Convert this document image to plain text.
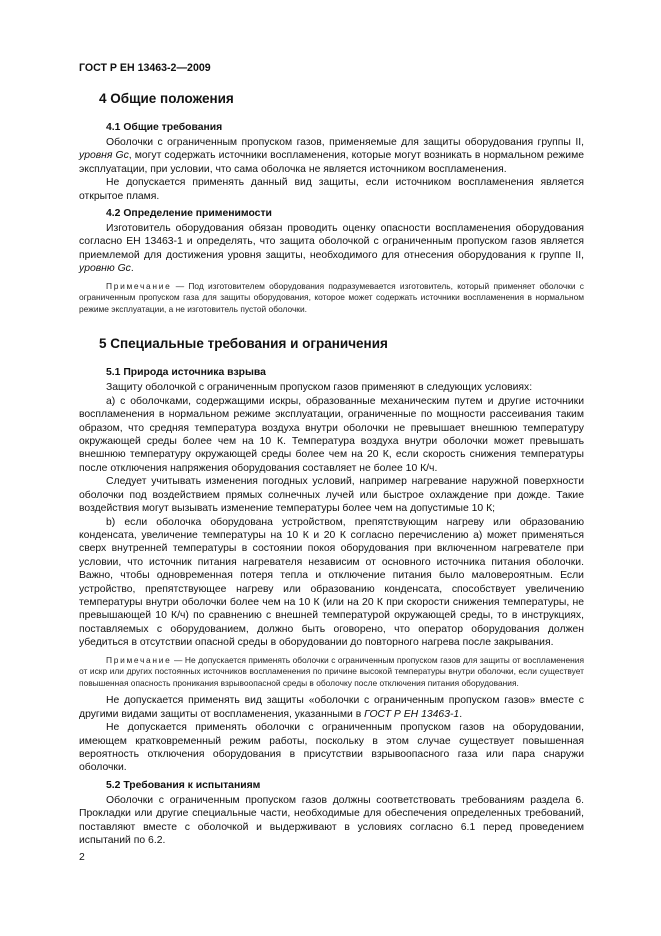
ГОСТ Р ЕН 13463-2—2009
4 Общие положения
4.1 Общие требования

Оболочки с ограниченным пропуском газов, применяемые для защиты оборудования группы II, уровня Gc, могут содержать источники воспламенения, которые могут возникать в нормальном режиме эксплуатации, при условии, что сама оболочка не является источником воспламенения.

Не допускается применять данный вид защиты, если источником воспламенения является открытое пламя.

4.2 Определение применимости

Изготовитель оборудования обязан проводить оценку опасности воспламенения оборудования согласно ЕН 13463-1 и определять, что защита оболочкой с ограниченным пропуском газов является приемлемой для достижения уровня защиты, необходимого для отнесения оборудования к группе II, уровню Gc.

Примечание — Под изготовителем оборудования подразумевается изготовитель, который применяет оболочки с ограниченным пропуском газа для защиты оборудования, которое может содержать источники воспламенения в нормальном режиме эксплуатации, а не изготовитель пустой оболочки.
5 Специальные требования и ограничения
5.1 Природа источника взрыва

Защиту оболочкой с ограниченным пропуском газов применяют в следующих условиях:

a) с оболочками, содержащими искры, образованные механическим путем и другие источники воспламенения в нормальном режиме эксплуатации, ограниченные по мощности рассеивания таким образом, что средняя температура воздуха внутри оболочки не превышает внешнюю температуру окружающей среды более чем на 10 К. Температура воздуха внутри оболочки может превышать внешнюю температуру окружающей среды более чем на 20 К, если скорость снижения температуры после отключения напряжения оборудования составляет не более 10 К/ч.

Следует учитывать изменения погодных условий, например нагревание наружной поверхности оболочки под воздействием прямых солнечных лучей или быстрое охлаждение при дожде. Такие воздействия могут вызывать изменение температуры более чем на допустимые 10 К;

b) если оболочка оборудована устройством, препятствующим нагреву или образованию конденсата, увеличение температуры на 10 К и 20 К согласно перечислению a) может применяться сверх внутренней температуры в состоянии покоя оборудования при включенном нагревателе при условии, что источник питания нагревателя независим от основного источника питания оболочки. Важно, чтобы одновременная потеря тепла и отключение питания было маловероятным. Если устройство, препятствующее нагреву или образованию конденсата, способствует увеличению температуры внутри оболочки более чем на 10 К (или на 20 К при скорости снижения температуры, не превышающей 10 К/ч) по сравнению с внешней температурой окружающей среды, то в инструкциях, поставляемых с оборудованием, должно быть оговорено, что оператор оборудования должен убедиться в отсутствии опасной среды в оборудовании до повторного нагрева после закрывания.

Примечание — Не допускается применять оболочки с ограниченным пропуском газов для защиты от воспламенения от искр или других постоянных источников воспламенения по причине высокой температуры внутри оболочки, если существует повышенная опасность проникания взрывоопасной среды в оболочку после отключения питания оборудования.

Не допускается применять вид защиты «оболочки с ограниченным пропуском газов» вместе с другими видами защиты от воспламенения, указанными в ГОСТ Р ЕН 13463-1.

Не допускается применять оболочки с ограниченным пропуском газов на оборудовании, имеющем кратковременный режим работы, поскольку в этом случае существует повышенная вероятность отключения оборудования в присутствии взрывоопасного газа или пара снаружи оболочки.

5.2 Требования к испытаниям

Оболочки с ограниченным пропуском газов должны соответствовать требованиям раздела 6. Прокладки или другие специальные части, необходимые для обеспечения определенных требований, поставляют вместе с оболочкой и выдерживают в условиях согласно 6.1 перед проведением испытаний по 6.2.

2
